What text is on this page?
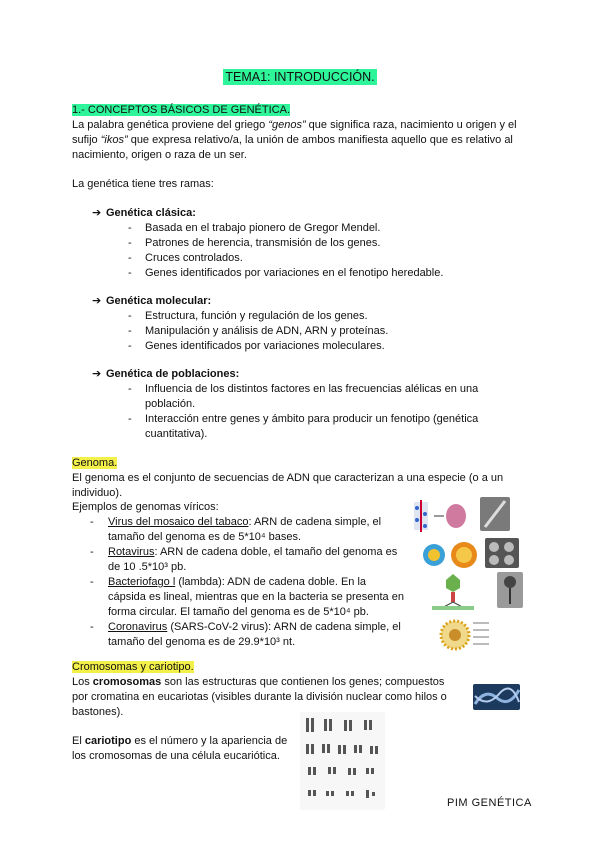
TEMA1: INTRODUCCIÓN.
1.- CONCEPTOS BÁSICOS DE GENÉTICA.
La palabra genética proviene del griego “genos” que significa raza, nacimiento u origen y el
sufijo “ikos” que expresa relativo/a, la unión de ambos manifiesta aquello que es relativo al
nacimiento, origen o raza de un ser.
La genética tiene tres ramas:
➔ Genética clásica:
- Basada en el trabajo pionero de Gregor Mendel.
- Patrones de herencia, transmisión de los genes.
- Cruces controlados.
- Genes identificados por variaciones en el fenotipo heredable.
➔ Genética molecular:
- Estructura, función y regulación de los genes.
- Manipulación y análisis de ADN, ARN y proteínas.
- Genes identificados por variaciones moleculares.
➔ Genética de poblaciones:
- Influencia de los distintos factores en las frecuencias alélicas en una
población.
- Interacción entre genes y ámbito para producir un fenotipo (genética
cuantitativa).
Genoma.
El genoma es el conjunto de secuencias de ADN que caracterizan a una especie (o a un
individuo).
Ejemplos de genomas víricos:
- Virus del mosaico del tabaco: ARN de cadena simple, el
tamaño del genoma es de 5*10⁴ bases.
- Rotavirus: ARN de cadena doble, el tamaño del genoma es
de 10 .5*10³ pb.
- Bacteriofago l (lambda): ADN de cadena doble. En la
cápsida es lineal, mientras que en la bacteria se presenta en
forma circular. El tamaño del genoma es de 5*10⁴ pb.
- Coronavirus (SARS-CoV-2 virus): ARN de cadena simple, el
tamaño del genoma es de 29.9*10³ nt.
Cromosomas y cariotipo.
Los cromosomas son las estructuras que contienen los genes; compuestos
por cromatina en eucariotas (visibles durante la división nuclear como hilos o
bastones).
El cariotipo es el número y la apariencia de
los cromosomas de una célula eucariótica.
PIM GENÉTICA
